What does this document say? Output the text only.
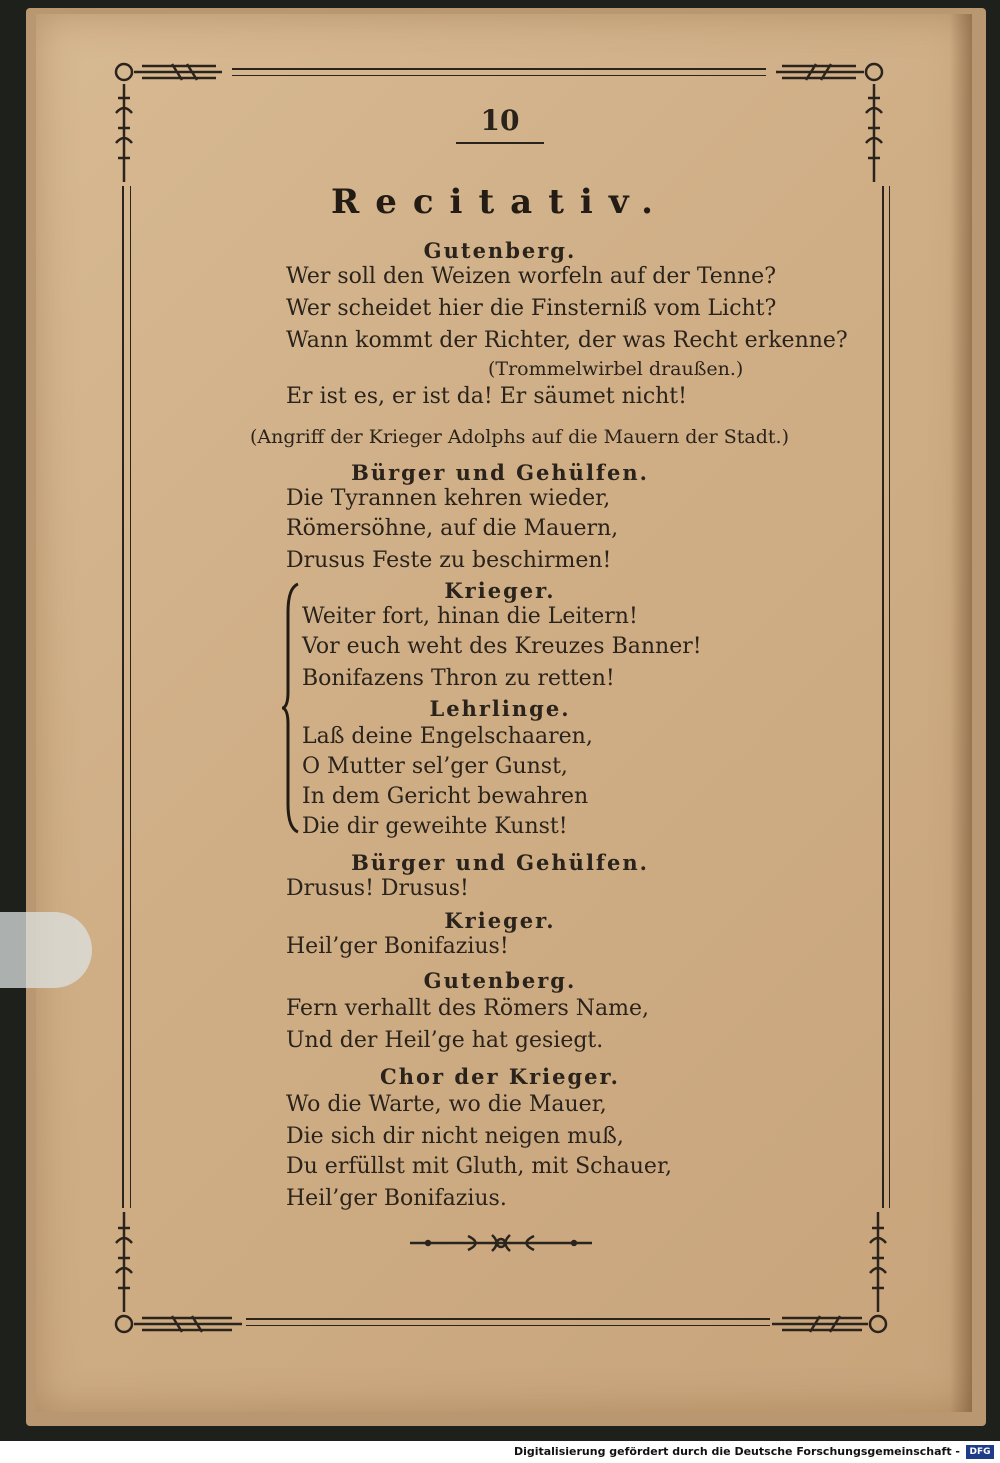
10
Recitativ.
Gutenberg.
Wer soll den Weizen worfeln auf der Tenne?
Wer scheidet hier die Finsterniß vom Licht?
Wann kommt der Richter, der was Recht erkenne?
(Trommelwirbel draußen.)
Er ist es, er ist da! Er säumet nicht!
(Angriff der Krieger Adolphs auf die Mauern der Stadt.)
Bürger und Gehülfen.
Die Tyrannen kehren wieder,
Römersöhne, auf die Mauern,
Drusus Feste zu beschirmen!
Krieger.
Weiter fort, hinan die Leitern!
Vor euch weht des Kreuzes Banner!
Bonifazens Thron zu retten!
Lehrlinge.
Laß deine Engelschaaren,
O Mutter sel’ger Gunst,
In dem Gericht bewahren
Die dir geweihte Kunst!
Bürger und Gehülfen.
Drusus! Drusus!
Krieger.
Heil’ger Bonifazius!
Gutenberg.
Fern verhallt des Römers Name,
Und der Heil’ge hat gesiegt.
Chor der Krieger.
Wo die Warte, wo die Mauer,
Die sich dir nicht neigen muß,
Du erfüllst mit Gluth, mit Schauer,
Heil’ger Bonifazius.
Digitalisierung gefördert durch die Deutsche Forschungsgemeinschaft -	DFG
